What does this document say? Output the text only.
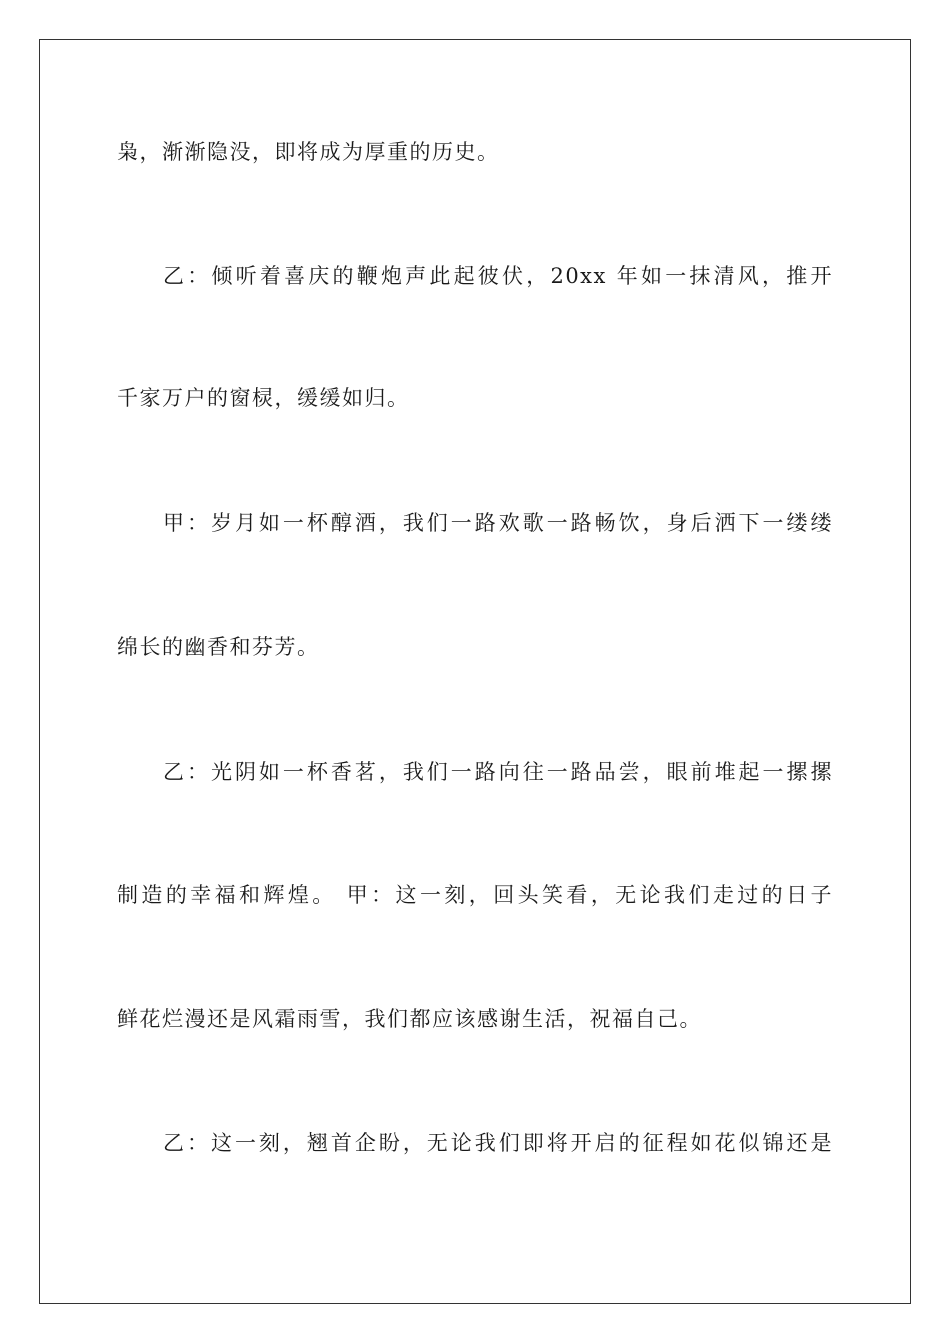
枭，渐渐隐没，即将成为厚重的历史。
乙：倾听着喜庆的鞭炮声此起彼伏，20xx 年如一抹清风，推开
千家万户的窗棂，缓缓如归。
甲：岁月如一杯醇酒，我们一路欢歌一路畅饮，身后洒下一缕缕
绵长的幽香和芬芳。
乙：光阴如一杯香茗，我们一路向往一路品尝，眼前堆起一摞摞
制造的幸福和辉煌。 甲：这一刻，回头笑看，无论我们走过的日子
鲜花烂漫还是风霜雨雪，我们都应该感谢生活，祝福自己。
乙：这一刻，翘首企盼，无论我们即将开启的征程如花似锦还是
